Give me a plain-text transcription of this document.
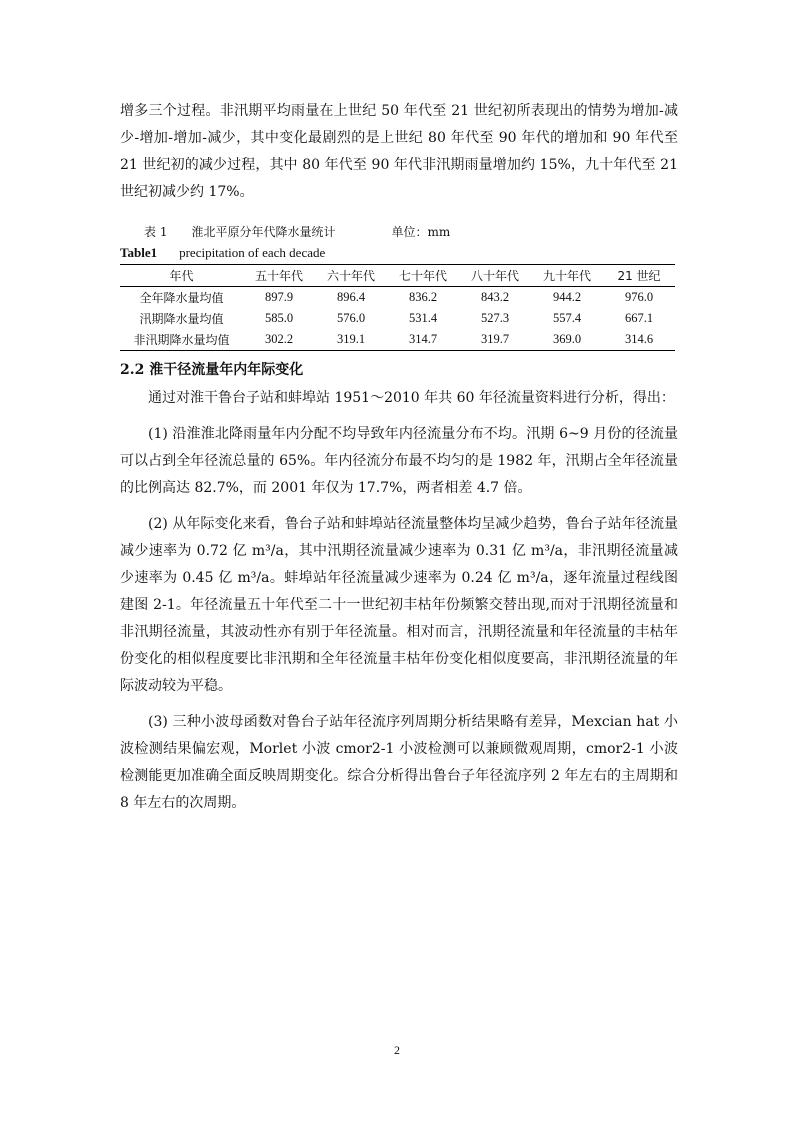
增多三个过程。非汛期平均雨量在上世纪 50 年代至 21 世纪初所表现出的情势为增加-减少-增加-增加-减少，其中变化最剧烈的是上世纪 80 年代至 90 年代的增加和 90 年代至 21 世纪初的减少过程，其中 80 年代至 90 年代非汛期雨量增加约 15%，九十年代至 21 世纪初减少约 17%。

表 1　　淮北平原分年代降水量统计	单位：mm
Table1 precipitation of each decade
年代	五十年代	六十年代	七十年代	八十年代	九十年代	21 世纪
全年降水量均值	897.9	896.4	836.2	843.2	944.2	976.0
汛期降水量均值	585.0	576.0	531.4	527.3	557.4	667.1
非汛期降水量均值	302.2	319.1	314.7	319.7	369.0	314.6
2.2 淮干径流量年内年际变化

通过对淮干鲁台子站和蚌埠站 1951～2010 年共 60 年径流量资料进行分析，得出：

(1) 沿淮淮北降雨量年内分配不均导致年内径流量分布不均。汛期 6~9 月份的径流量可以占到全年径流总量的 65%。年内径流分布最不均匀的是 1982 年，汛期占全年径流量的比例高达 82.7%，而 2001 年仅为 17.7%，两者相差 4.7 倍。

(2) 从年际变化来看，鲁台子站和蚌埠站径流量整体均呈减少趋势，鲁台子站年径流量减少速率为 0.72 亿 m³/a，其中汛期径流量减少速率为 0.31 亿 m³/a，非汛期径流量减少速率为 0.45 亿 m³/a。蚌埠站年径流量减少速率为 0.24 亿 m³/a，逐年流量过程线图建图 2-1。年径流量五十年代至二十一世纪初丰枯年份频繁交替出现,而对于汛期径流量和非汛期径流量，其波动性亦有别于年径流量。相对而言，汛期径流量和年径流量的丰枯年份变化的相似程度要比非汛期和全年径流量丰枯年份变化相似度要高，非汛期径流量的年际波动较为平稳。

(3) 三种小波母函数对鲁台子站年径流序列周期分析结果略有差异，Mexcian hat 小波检测结果偏宏观，Morlet 小波 cmor2-1 小波检测可以兼顾微观周期，cmor2-1 小波检测能更加准确全面反映周期变化。综合分析得出鲁台子年径流序列 2 年左右的主周期和 8 年左右的次周期。

2
